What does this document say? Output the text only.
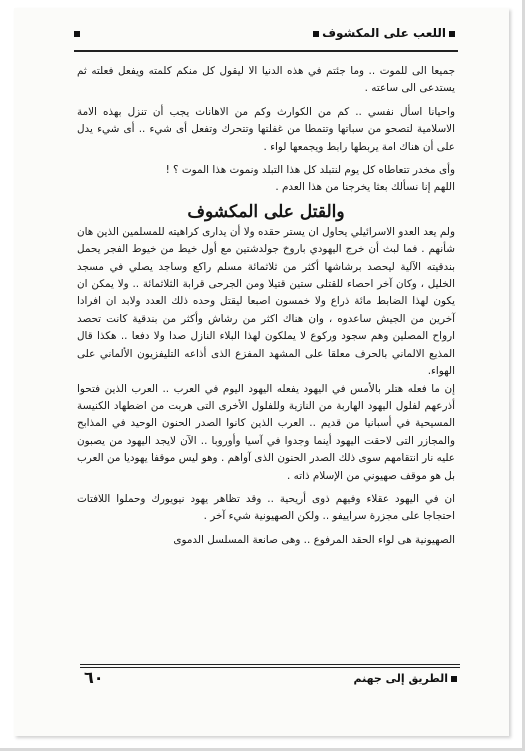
اللعب على المكشوف

جميعا الى للموت .. وما جئتم في هذه الدنيا الا ليقول كل منكم كلمته ويفعل فعلته ثم يستدعى الى ساعته .

واحيانا اسأل نفسي .. كم من الكوارث وكم من الاهانات يجب أن تنزل بهذه الامة الاسلامية لتصحو من سباتها وتتمطا من غفلتها وتتحرك وتفعل أى شيء .. أى شيء يدل على أن هناك امة يربطها رابط ويجمعها لواء .

وأى مخدر تتعاطاه كل يوم لنتبلد كل هذا التبلد ونموت هذا الموت ؟ !

اللهم إنا نسألك بعثا يخرجنا من هذا العدم .

والقتل على المكشوف

ولم يعد العدو الاسرائيلي يحاول ان يستر حقده ولا أن يدارى كراهيته للمسلمين الذين هان شأنهم . فما لبث أن خرج اليهودي باروخ جولدشتين مع أول خيط من خيوط الفجر يحمل بندقيته الآلية ليحصد برشاشها أكثر من ثلاثمائة مسلم راكع وساجد يصلي في مسجد الخليل ، وكان آخر احصاء للقتلى ستين قتيلا ومن الجرحى قرابة الثلاثمائة .. ولا يمكن ان يكون لهذا الضابط مائة ذراع ولا خمسون اصبعا ليقتل وحده ذلك العدد ولابد ان افرادا آخرين من الجيش ساعدوه ، وان هناك اكثر من رشاش وأكثر من بندقية كانت تحصد ارواح المصلين وهم سجود وركوع لا يملكون لهذا البلاء النازل صدا ولا دفعا .. هكذا قال المذيع الالماني بالحرف معلقا على المشهد المفزع الذى أذاعه التليفزيون الألماني على الهواء.

إن ما فعله هتلر بالأمس في اليهود يفعله اليهود اليوم في العرب .. العرب الذين فتحوا أذرعهم لفلول اليهود الهاربة من النازية وللفلول الأخرى التى هربت من اضطهاد الكنيسة المسيحية في أسبانيا من قديم .. العرب الذين كانوا الصدر الحنون الوحيد في المذابح والمجازر التى لاحقت اليهود أينما وجدوا في آسيا وأوروبا .. الآن لايجد اليهود من يصبون عليه نار انتقامهم سوى ذلك الصدر الحنون الذى آواهم . وهو ليس موقفا يهوديا من العرب بل هو موقف صهيوني من الإسلام ذاته .

ان في اليهود عقلاء وفيهم ذوى أريحية .. وقد تظاهر يهود نيويورك وحملوا اللافتات احتجاجا على مجزرة سراييفو .. ولكن الصهيونية شيء آخر .

الصهيونية هى لواء الحقد المرفوع .. وهى صانعة المسلسل الدموى

٦٠	الطريق إلى جهنم
